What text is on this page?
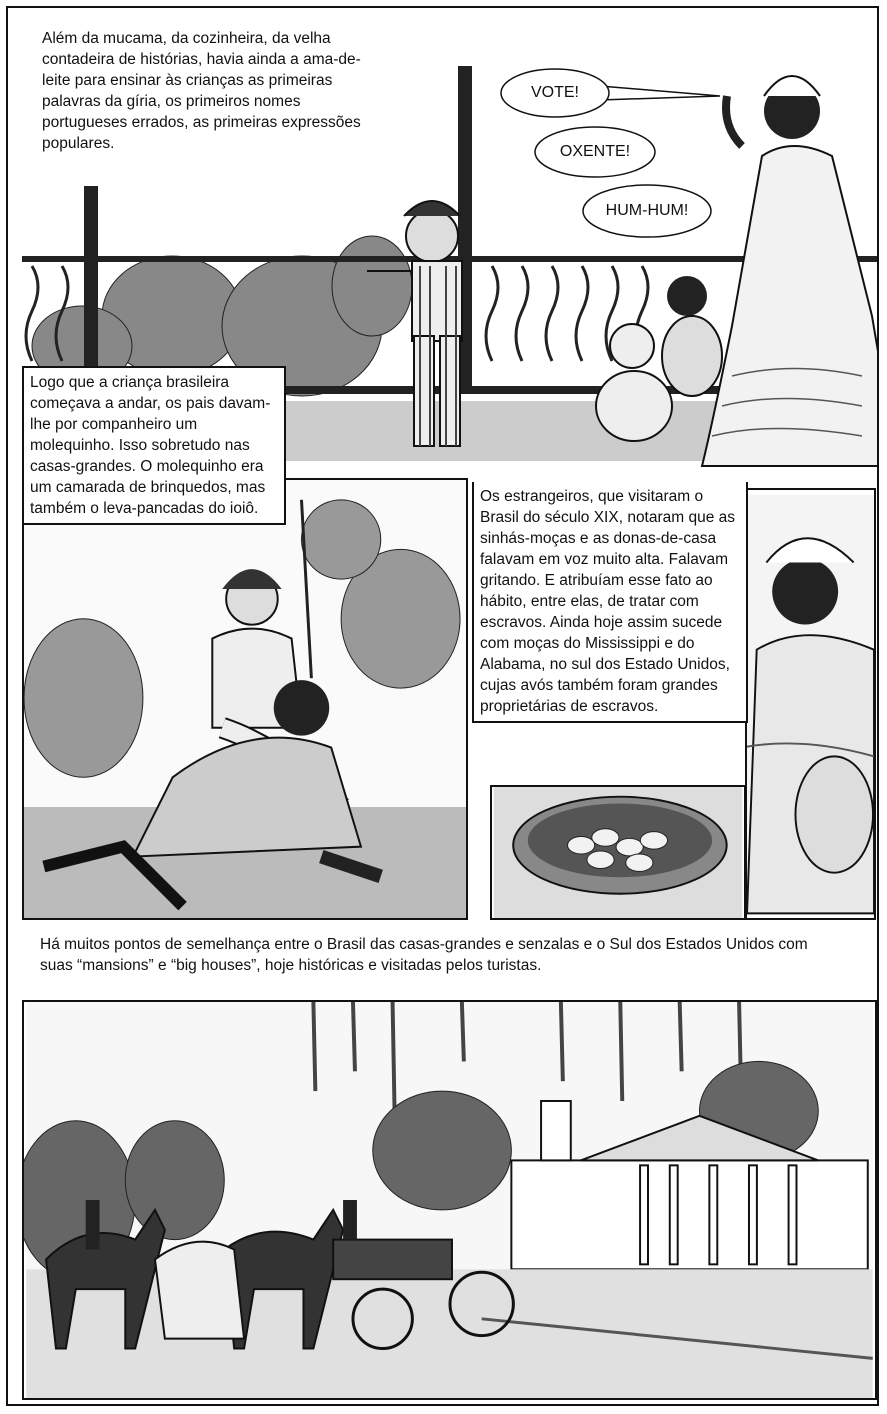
Além da mucama, da cozinheira, da velha contadeira de histórias, havia ainda a ama-de-leite para ensinar às crianças as primeiras palavras da gíria, os primeiros nomes portugueses errados, as primeiras expressões populares.
VOTE!
OXENTE!
HUM-HUM!
Logo que a criança brasileira começava a andar, os pais davam-lhe por companheiro um molequinho. Isso sobretudo nas casas-grandes. O molequinho era um camarada de brinquedos, mas também o leva-pancadas do ioiô.
Os estrangeiros, que visitaram o Brasil do século XIX, notaram que as sinhás-moças e as donas-de-casa falavam em voz muito alta. Falavam gritando. E atribuíam esse fato ao hábito, entre elas, de tratar com escravos. Ainda hoje assim sucede com moças do Mississippi e do Alabama, no sul dos Estado Unidos, cujas avós também foram grandes proprietárias de escravos.
Há muitos pontos de semelhança entre o Brasil das casas-grandes e senzalas e o Sul dos Estados Unidos com suas “mansions” e “big houses”, hoje históricas e visitadas pelos turistas.
